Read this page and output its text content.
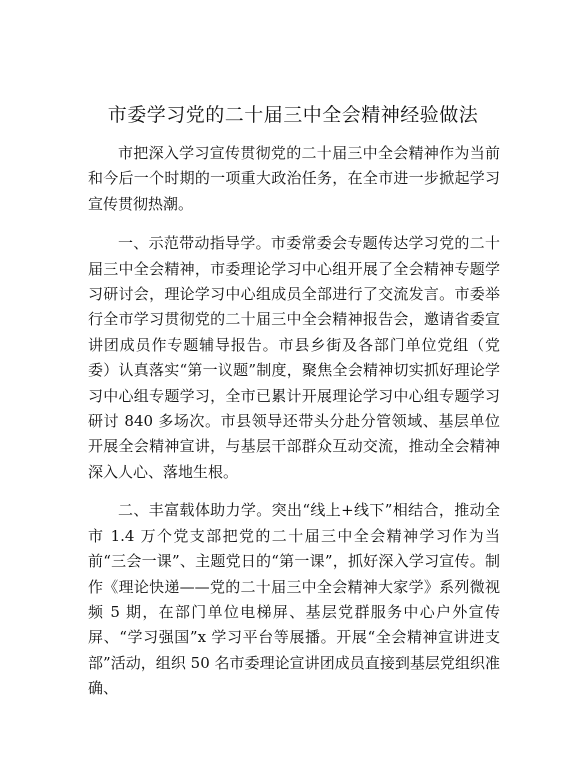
市委学习党的二十届三中全会精神经验做法

市把深入学习宣传贯彻党的二十届三中全会精神作为当前和今后一个时期的一项重大政治任务，在全市进一步掀起学习宣传贯彻热潮。

一、示范带动指导学。市委常委会专题传达学习党的二十届三中全会精神，市委理论学习中心组开展了全会精神专题学习研讨会，理论学习中心组成员全部进行了交流发言。市委举行全市学习贯彻党的二十届三中全会精神报告会，邀请省委宣讲团成员作专题辅导报告。市县乡街及各部门单位党组（党委）认真落实“第一议题”制度，聚焦全会精神切实抓好理论学习中心组专题学习，全市已累计开展理论学习中心组专题学习研讨 840 多场次。市县领导还带头分赴分管领域、基层单位开展全会精神宣讲，与基层干部群众互动交流，推动全会精神深入人心、落地生根。

二、丰富载体助力学。突出“线上+线下”相结合，推动全市 1.4 万个党支部把党的二十届三中全会精神学习作为当前“三会一课”、主题党日的“第一课”，抓好深入学习宣传。制作《理论快递——党的二十届三中全会精神大家学》系列微视频 5 期，在部门单位电梯屏、基层党群服务中心户外宣传屏、“学习强国”x 学习平台等展播。开展“全会精神宣讲进支部”活动，组织 50 名市委理论宣讲团成员直接到基层党组织准确、
